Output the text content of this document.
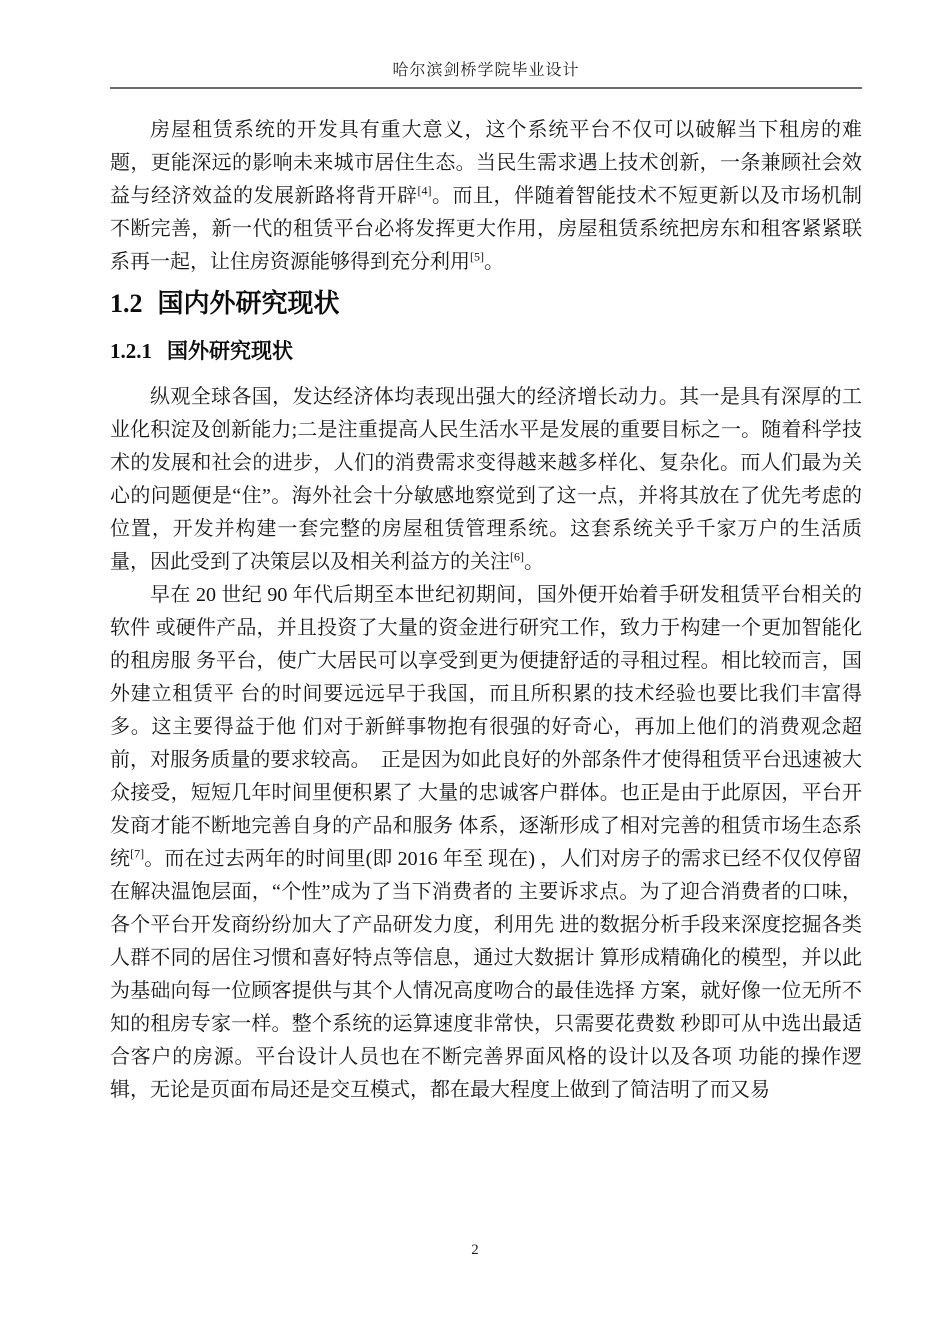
哈尔滨剑桥学院毕业设计

房屋租赁系统的开发具有重大意义，这个系统平台不仅可以破解当下租房的难题，更能深远的影响未来城市居住生态。当民生需求遇上技术创新，一条兼顾社会效益与经济效益的发展新路将背开辟[4]。而且，伴随着智能技术不短更新以及市场机制不断完善，新一代的租赁平台必将发挥更大作用，房屋租赁系统把房东和租客紧紧联系再一起，让住房资源能够得到充分利用[5]。

1.2 国内外研究现状
1.2.1 国外研究现状

纵观全球各国，发达经济体均表现出强大的经济增长动力。其一是具有深厚的工业化积淀及创新能力;二是注重提高人民生活水平是发展的重要目标之一。随着科学技术的发展和社会的进步，人们的消费需求变得越来越多样化、复杂化。而人们最为关心的问题便是“住”。海外社会十分敏感地察觉到了这一点，并将其放在了优先考虑的位置，开发并构建一套完整的房屋租赁管理系统。这套系统关乎千家万户的生活质量，因此受到了决策层以及相关利益方的关注[6]。

早在 20 世纪 90 年代后期至本世纪初期间，国外便开始着手研发租赁平台相关的软件 或硬件产品，并且投资了大量的资金进行研究工作，致力于构建一个更加智能化的租房服 务平台，使广大居民可以享受到更为便捷舒适的寻租过程。相比较而言，国外建立租赁平 台的时间要远远早于我国，而且所积累的技术经验也要比我们丰富得多。这主要得益于他 们对于新鲜事物抱有很强的好奇心，再加上他们的消费观念超前，对服务质量的要求较高。　正是因为如此良好的外部条件才使得租赁平台迅速被大众接受，短短几年时间里便积累了 大量的忠诚客户群体。也正是由于此原因，平台开发商才能不断地完善自身的产品和服务 体系，逐渐形成了相对完善的租赁市场生态系统[7]。而在过去两年的时间里(即 2016 年至 现在) ，人们对房子的需求已经不仅仅停留在解决温饱层面，“个性”成为了当下消费者的 主要诉求点。为了迎合消费者的口味，各个平台开发商纷纷加大了产品研发力度，利用先 进的数据分析手段来深度挖掘各类人群不同的居住习惯和喜好特点等信息，通过大数据计 算形成精确化的模型，并以此为基础向每一位顾客提供与其个人情况高度吻合的最佳选择 方案，就好像一位无所不知的租房专家一样。整个系统的运算速度非常快，只需要花费数 秒即可从中选出最适合客户的房源。平台设计人员也在不断完善界面风格的设计以及各项 功能的操作逻辑，无论是页面布局还是交互模式，都在最大程度上做到了简洁明了而又易

2
